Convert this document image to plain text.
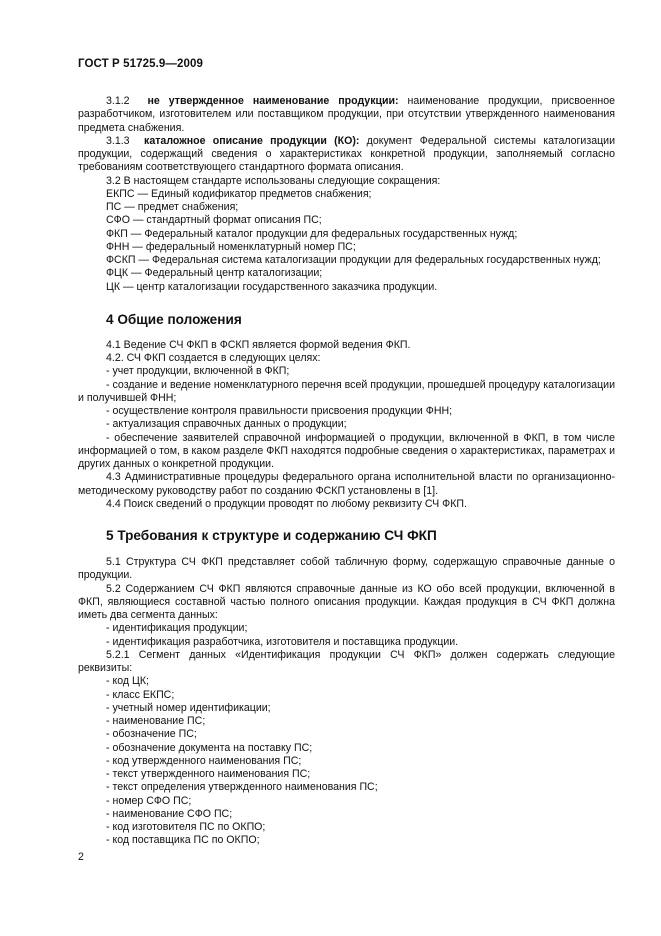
ГОСТ Р 51725.9—2009

3.1.2 не утвержденное наименование продукции: наименование продукции, присвоенное разработчиком, изготовителем или поставщиком продукции, при отсутствии утвержденного наименования предмета снабжения.

3.1.3 каталожное описание продукции (КО): документ Федеральной системы каталогизации продукции, содержащий сведения о характеристиках конкретной продукции, заполняемый согласно требованиям соответствующего стандартного формата описания.

3.2 В настоящем стандарте использованы следующие сокращения:

ЕКПС — Единый кодификатор предметов снабжения;

ПС — предмет снабжения;

СФО — стандартный формат описания ПС;

ФКП — Федеральный каталог продукции для федеральных государственных нужд;

ФНН — федеральный номенклатурный номер ПС;

ФСКП — Федеральная система каталогизации продукции для федеральных государственных нужд;

ФЦК — Федеральный центр каталогизации;

ЦК — центр каталогизации государственного заказчика продукции.

4 Общие положения

4.1 Ведение СЧ ФКП в ФСКП является формой ведения ФКП.

4.2. СЧ ФКП создается в следующих целях:

- учет продукции, включенной в ФКП;

- создание и ведение номенклатурного перечня всей продукции, прошедшей процедуру каталогизации и получившей ФНН;

- осуществление контроля правильности присвоения продукции ФНН;

- актуализация справочных данных о продукции;

- обеспечение заявителей справочной информацией о продукции, включенной в ФКП, в том числе информацией о том, в каком разделе ФКП находятся подробные сведения о характеристиках, параметрах и других данных о конкретной продукции.

4.3 Административные процедуры федерального органа исполнительной власти по организационно-методическому руководству работ по созданию ФСКП установлены в [1].

4.4 Поиск сведений о продукции проводят по любому реквизиту СЧ ФКП.

5 Требования к структуре и содержанию СЧ ФКП

5.1 Структура СЧ ФКП представляет собой табличную форму, содержащую справочные данные о продукции.

5.2 Содержанием СЧ ФКП являются справочные данные из КО обо всей продукции, включенной в ФКП, являющиеся составной частью полного описания продукции. Каждая продукция в СЧ ФКП должна иметь два сегмента данных:

- идентификация продукции;

- идентификация разработчика, изготовителя и поставщика продукции.

5.2.1 Сегмент данных «Идентификация продукции СЧ ФКП» должен содержать следующие реквизиты:

- код ЦК;

- класс ЕКПС;

- учетный номер идентификации;

- наименование ПС;

- обозначение ПС;

- обозначение документа на поставку ПС;

- код утвержденного наименования ПС;

- текст утвержденного наименования ПС;

- текст определения утвержденного наименования ПС;

- номер СФО ПС;

- наименование СФО ПС;

- код изготовителя ПС по ОКПО;

- код поставщика ПС по ОКПО;

2
